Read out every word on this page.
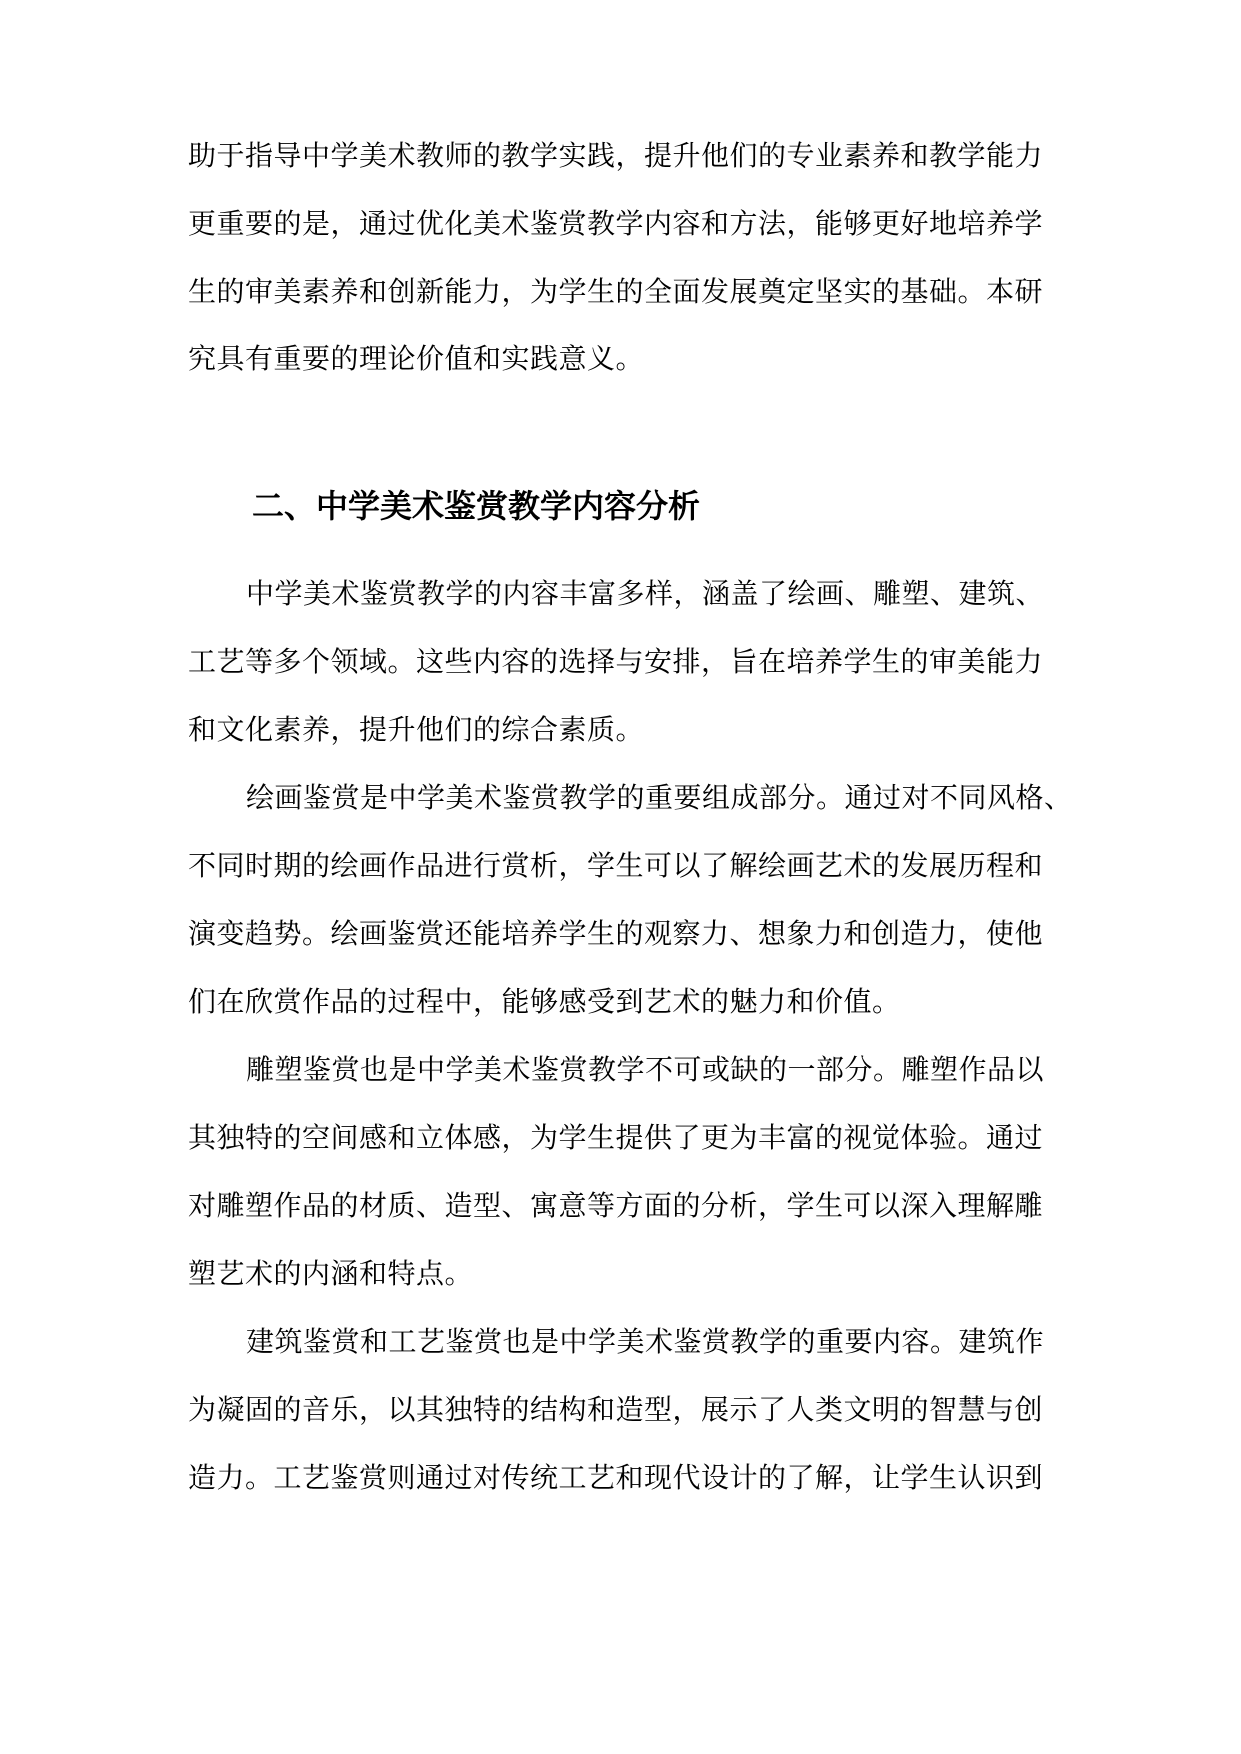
助于指导中学美术教师的教学实践，提升他们的专业素养和教学能力
更重要的是，通过优化美术鉴赏教学内容和方法，能够更好地培养学
生的审美素养和创新能力，为学生的全面发展奠定坚实的基础。本研
究具有重要的理论价值和实践意义。
二、中学美术鉴赏教学内容分析
中学美术鉴赏教学的内容丰富多样，涵盖了绘画、雕塑、建筑、
工艺等多个领域。这些内容的选择与安排，旨在培养学生的审美能力
和文化素养，提升他们的综合素质。
绘画鉴赏是中学美术鉴赏教学的重要组成部分。通过对不同风格、
不同时期的绘画作品进行赏析，学生可以了解绘画艺术的发展历程和
演变趋势。绘画鉴赏还能培养学生的观察力、想象力和创造力，使他
们在欣赏作品的过程中，能够感受到艺术的魅力和价值。
雕塑鉴赏也是中学美术鉴赏教学不可或缺的一部分。雕塑作品以
其独特的空间感和立体感，为学生提供了更为丰富的视觉体验。通过
对雕塑作品的材质、造型、寓意等方面的分析，学生可以深入理解雕
塑艺术的内涵和特点。
建筑鉴赏和工艺鉴赏也是中学美术鉴赏教学的重要内容。建筑作
为凝固的音乐，以其独特的结构和造型，展示了人类文明的智慧与创
造力。工艺鉴赏则通过对传统工艺和现代设计的了解，让学生认识到
